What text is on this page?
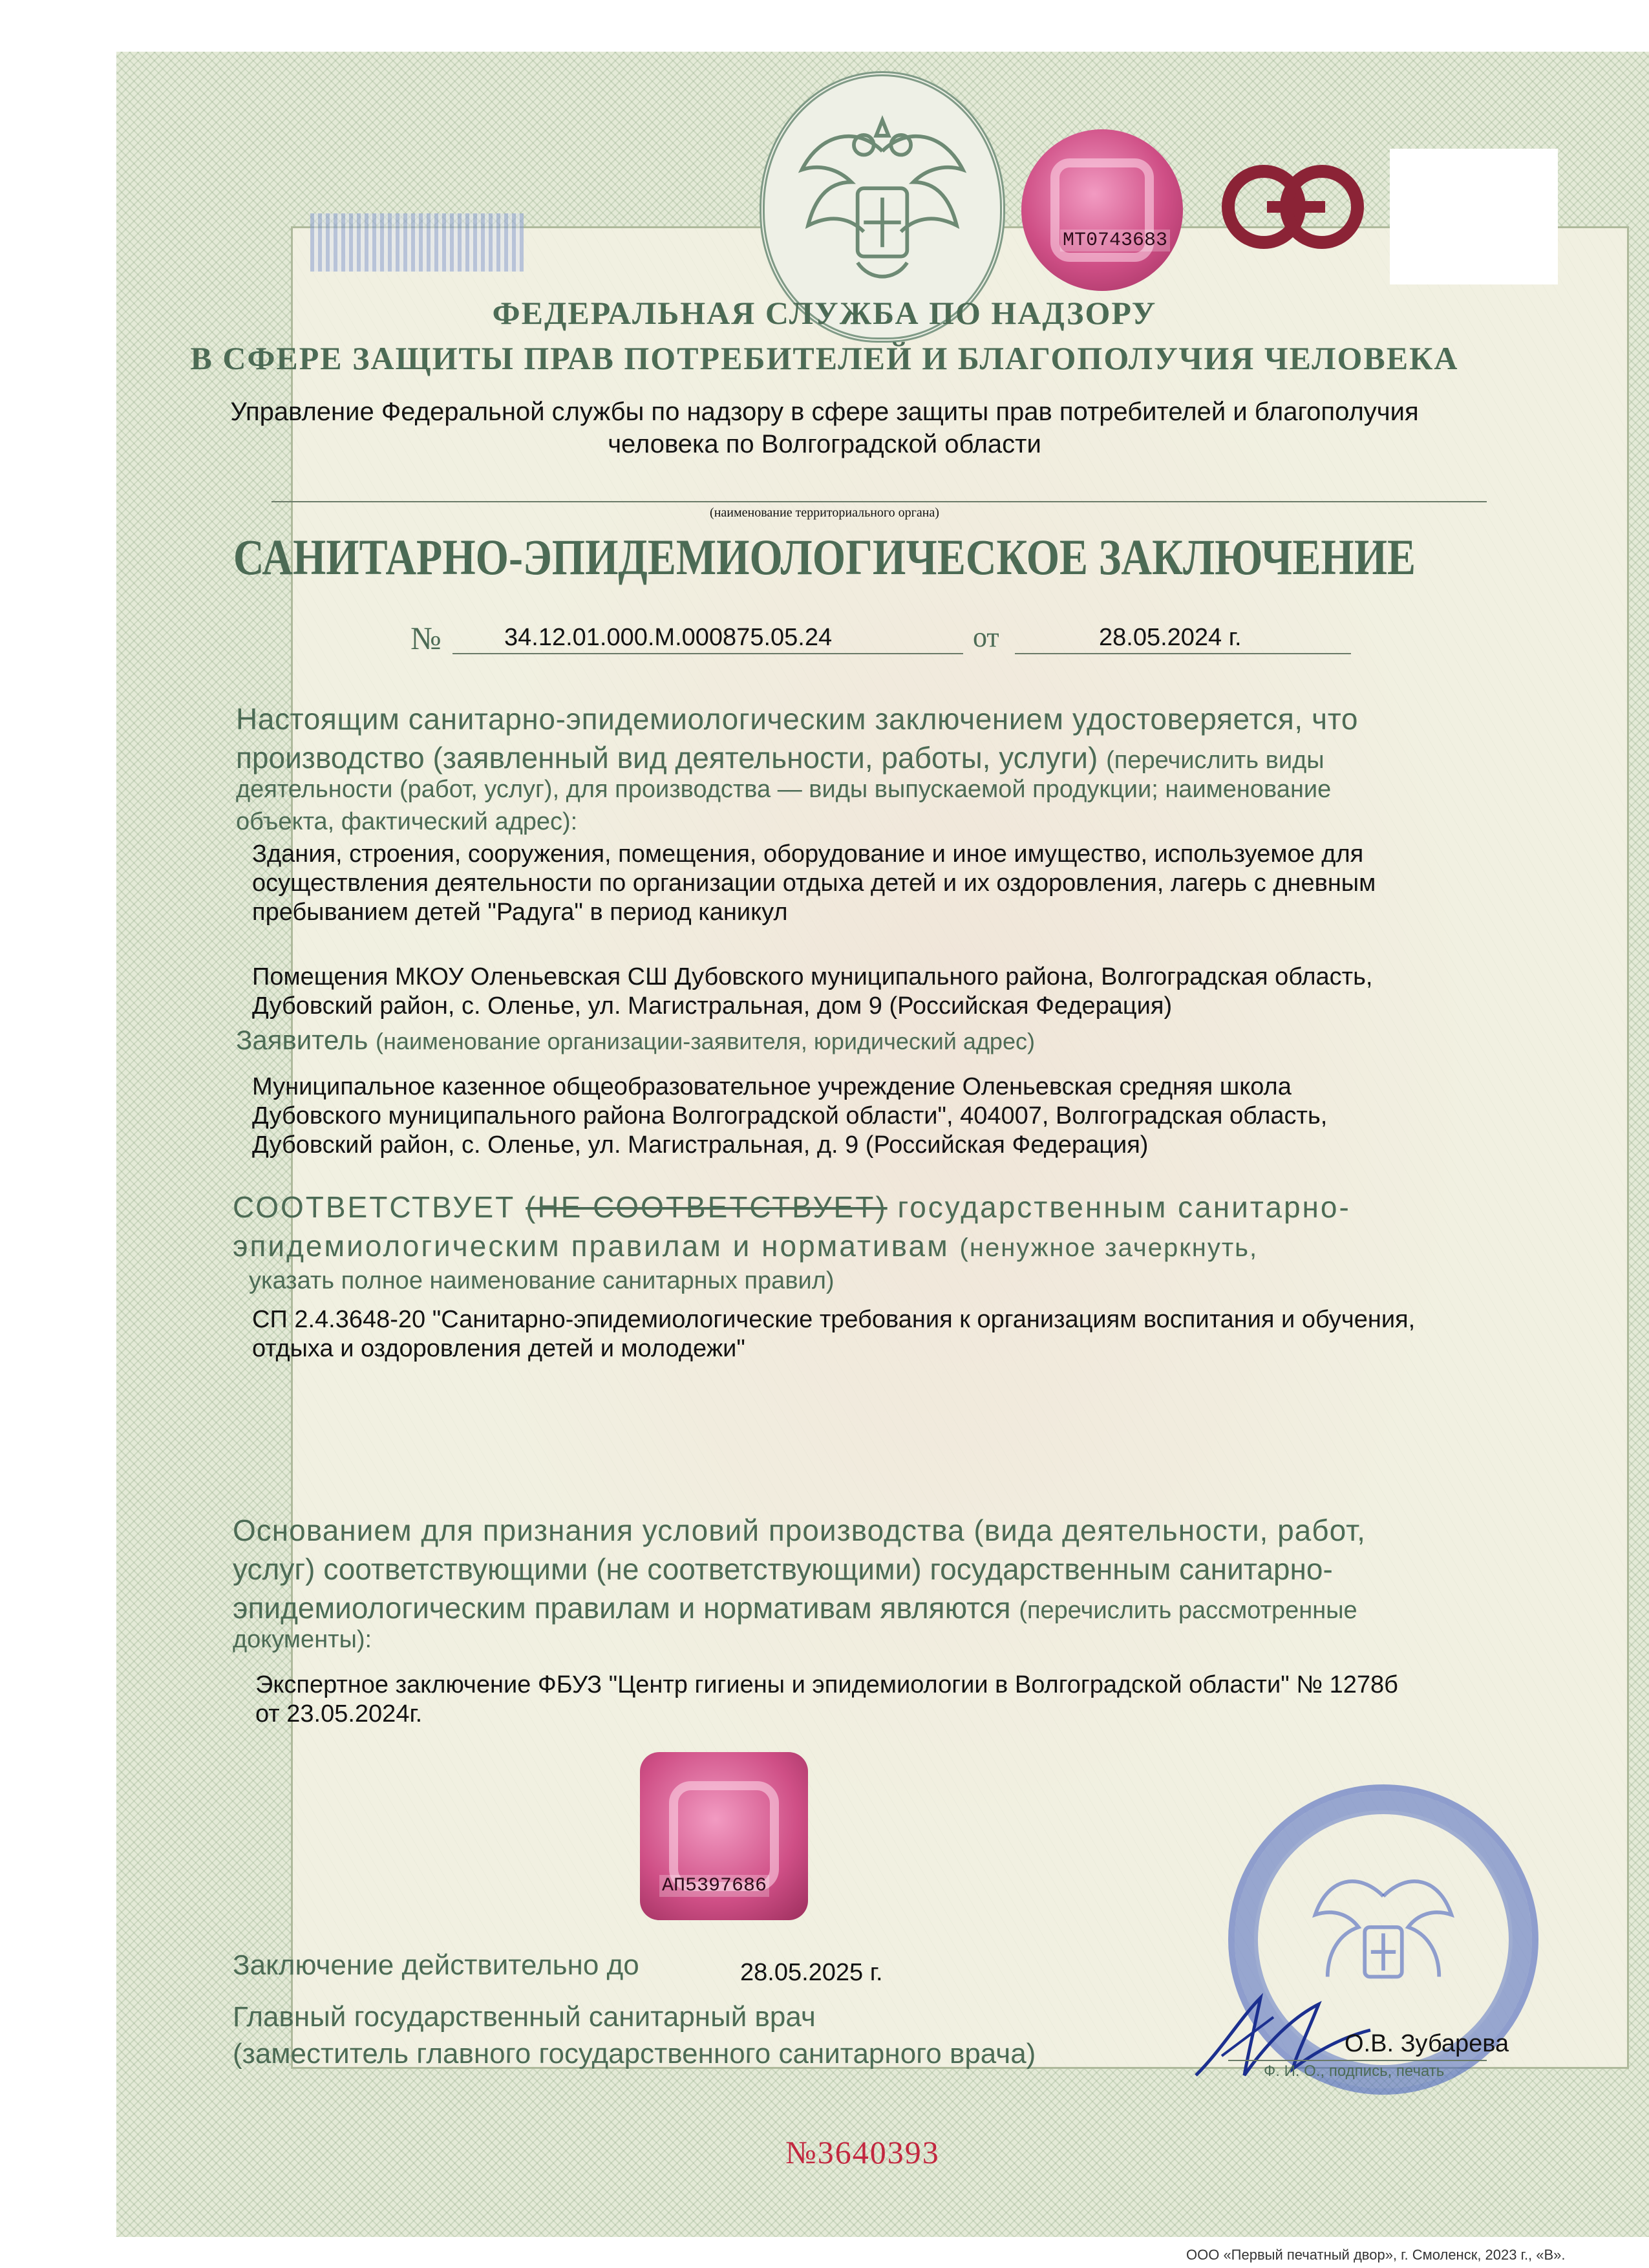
МТ0743683
ФЕДЕРАЛЬНАЯ СЛУЖБА ПО НАДЗОРУ
В СФЕРЕ ЗАЩИТЫ ПРАВ ПОТРЕБИТЕЛЕЙ И БЛАГОПОЛУЧИЯ ЧЕЛОВЕКА
Управление Федеральной службы по надзору в сфере защиты прав потребителей и благополучия
человека по Волгоградской области
(наименование территориального органа)
САНИТАРНО-ЭПИДЕМИОЛОГИЧЕСКОЕ ЗАКЛЮЧЕНИЕ
№	34.12.01.000.М.000875.05.24	от	28.05.2024 г.
Настоящим санитарно-эпидемиологическим заключением удостоверяется, что
производство (заявленный вид деятельности, работы, услуги) (перечислить виды
деятельности (работ, услуг), для производства — виды выпускаемой продукции; наименование
объекта, фактический адрес):
Здания, строения, сооружения, помещения, оборудование и иное имущество, используемое для
осуществления деятельности по организации отдыха детей и их оздоровления, лагерь с дневным
пребыванием детей "Радуга" в период каникул
Помещения МКОУ Оленьевская СШ Дубовского муниципального района, Волгоградская область,
Дубовский район, с. Оленье, ул. Магистральная, дом 9 (Российская Федерация)
Заявитель (наименование организации-заявителя, юридический адрес)
Муниципальное казенное общеобразовательное учреждение Оленьевская средняя школа
Дубовского муниципального района Волгоградской области", 404007, Волгоградская область,
Дубовский район, с. Оленье, ул. Магистральная, д. 9 (Российская Федерация)
СООТВЕТСТВУЕТ (НЕ СООТВЕТСТВУЕТ) государственным санитарно-
эпидемиологическим правилам и нормативам (ненужное зачеркнуть,
указать полное наименование санитарных правил)
СП 2.4.3648-20 "Санитарно-эпидемиологические требования к организациям воспитания и обучения,
отдыха и оздоровления детей и молодежи"
Основанием для признания условий производства (вида деятельности, работ,
услуг) соответствующими (не соответствующими) государственным санитарно-
эпидемиологическим правилам и нормативам являются (перечислить рассмотренные
документы):
Экспертное заключение ФБУЗ "Центр гигиены и эпидемиологии в Волгоградской области" № 1278б
от 23.05.2024г.
АП5397686
Заключение действительно до	28.05.2025 г.
Главный государственный санитарный врач
(заместитель главного государственного санитарного врача)	О.В. Зубарева
Ф. И. О., подпись, печать
№3640393
ООО «Первый печатный двор», г. Смоленск, 2023 г., «В».
